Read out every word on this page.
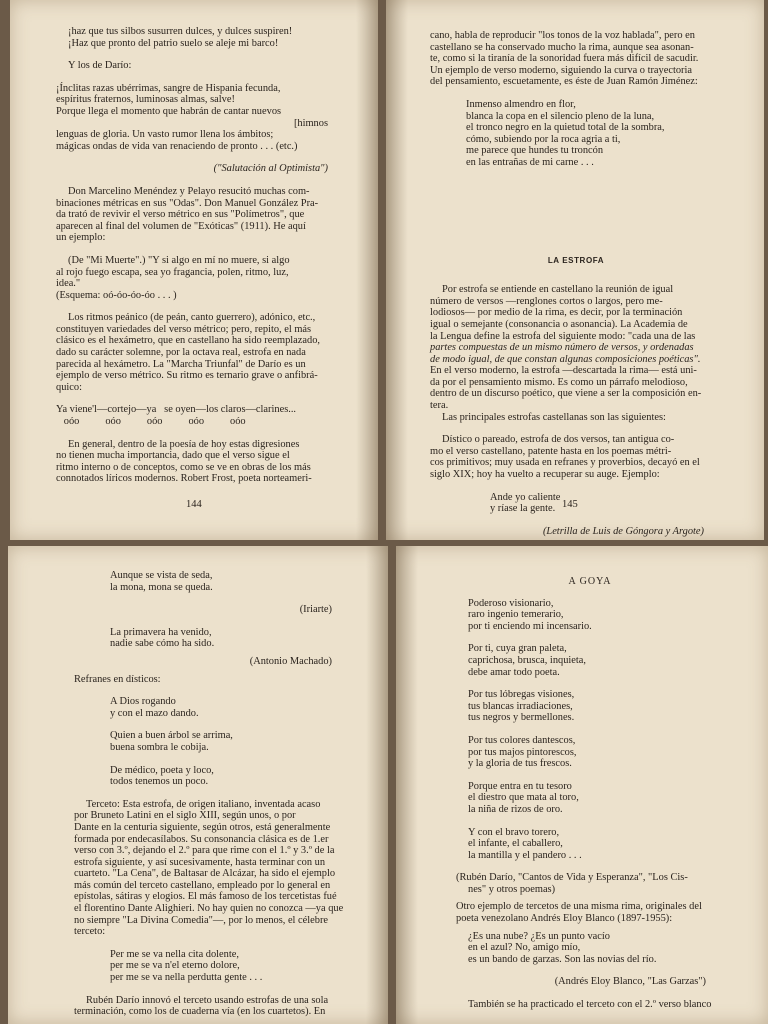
¡haz que tus silbos susurren dulces, y dulces suspiren!
¡Haz que pronto del patrio suelo se aleje mi barco!
Y los de Darío:
¡Ínclitas razas ubérrimas, sangre de Hispania fecunda,
espíritus fraternos, luminosas almas, salve!
Porque llega el momento que habrán de cantar nuevos
[himnos
lenguas de gloria. Un vasto rumor llena los ámbitos;
mágicas ondas de vida van renaciendo de pronto . . . (etc.)
("Salutación al Optimista")
Don Marcelino Menéndez y Pelayo resucitó muchas com-
binaciones métricas en sus "Odas". Don Manuel González Pra-
da trató de revivir el verso métrico en sus "Polímetros", que
aparecen al final del volumen de "Exóticas" (1911). He aquí
un ejemplo:
(De "Mi Muerte".) "Y si algo en mí no muere, si algo
al rojo fuego escapa, sea yo fragancia, polen, ritmo, luz,
idea."
(Esquema: oó-óo-óo-óo . . . )
Los ritmos peánico (de peán, canto guerrero), adónico, etc.,
constituyen variedades del verso métrico; pero, repito, el más
clásico es el hexámetro, que en castellano ha sido reemplazado,
dado su carácter solemne, por la octava real, estrofa en nada
parecida al hexámetro. La "Marcha Triunfal" de Darío es un
ejemplo de verso métrico. Su ritmo es ternario grave o anfibrá-
quico:
Ya viene'l—cortejo—ya   se oyen—los claros—clarines...
oóo          oóo          oóo          oóo          oóo
En general, dentro de la poesía de hoy estas digresiones
no tienen mucha importancia, dado que el verso sigue el
ritmo interno o de conceptos, como se ve en obras de los más
connotados líricos modernos. Robert Frost, poeta norteameri-
144
cano, habla de reproducir "los tonos de la voz hablada", pero en
castellano se ha conservado mucho la rima, aunque sea asonan-
te, como si la tiranía de la sonoridad fuera más difícil de sacudir.
Un ejemplo de verso moderno, siguiendo la curva o trayectoria
del pensamiento, escuetamente, es éste de Juan Ramón Jiménez:
Inmenso almendro en flor,
blanca la copa en el silencio pleno de la luna,
el tronco negro en la quietud total de la sombra,
cómo, subiendo por la roca agria a ti,
me parece que hundes tu troncón
en las entrañas de mi carne . . .
LA ESTROFA
Por estrofa se entiende en castellano la reunión de igual
número de versos —renglones cortos o largos, pero me-
lodiosos— por medio de la rima, es decir, por la terminación
igual o semejante (consonancia o asonancia). La Academia de
la Lengua define la estrofa del siguiente modo: "cada una de las
partes compuestas de un mismo número de versos, y ordenadas
de modo igual, de que constan algunas composiciones poéticas".
En el verso moderno, la estrofa —descartada la rima— está uni-
da por el pensamiento mismo. Es como un párrafo melodioso,
dentro de un discurso poético, que viene a ser la composición en-
tera.
Las principales estrofas castellanas son las siguientes:
Dístico o pareado, estrofa de dos versos, tan antigua co-
mo el verso castellano, patente hasta en los poemas métri-
cos primitivos; muy usada en refranes y proverbios, decayó en el
siglo XIX; hoy ha vuelto a recuperar su auge. Ejemplo:
Ande yo caliente
y ríase la gente.
(Letrilla de Luis de Góngora y Argote)
145
Aunque se vista de seda,
la mona, mona se queda.
(Iriarte)
La primavera ha venido,
nadie sabe cómo ha sido.
(Antonio Machado)
Refranes en dísticos:
A Dios rogando
y con el mazo dando.
Quien a buen árbol se arrima,
buena sombra le cobija.
De médico, poeta y loco,
todos tenemos un poco.
Terceto: Esta estrofa, de origen italiano, inventada acaso
por Bruneto Latini en el siglo XIII, según unos, o por
Dante en la centuria siguiente, según otros, está generalmente
formada por endecasílabos. Su consonancia clásica es de 1.er
verso con 3.º, dejando el 2.º para que rime con el 1.º y 3.º de la
estrofa siguiente, y así sucesivamente, hasta terminar con un
cuarteto. "La Cena", de Baltasar de Alcázar, ha sido el ejemplo
más común del terceto castellano, empleado por lo general en
epístolas, sátiras y elogios. El más famoso de los tercetistas fué
el florentino Dante Alighieri. No hay quien no conozca —ya que
no siempre "La Divina Comedia"—, por lo menos, el célebre
terceto:
Per me se va nella cita dolente,
per me se va n'el eterno dolore,
per me se va nella perdutta gente . . .
Rubén Darío innovó el terceto usando estrofas de una sola
terminación, como los de cuaderna vía (en los cuartetos). En
A GOYA
Poderoso visionario,
raro ingenio temerario,
por ti enciendo mi incensario.
Por ti, cuya gran paleta,
caprichosa, brusca, inquieta,
debe amar todo poeta.
Por tus lóbregas visiones,
tus blancas irradiaciones,
tus negros y bermellones.
Por tus colores dantescos,
por tus majos pintorescos,
y la gloria de tus frescos.
Porque entra en tu tesoro
el diestro que mata al toro,
la niña de rizos de oro.
Y con el bravo torero,
el infante, el caballero,
la mantilla y el pandero . . .
(Rubén Darío, "Cantos de Vida y Esperanza", "Los Cis-
nes" y otros poemas)
Otro ejemplo de tercetos de una misma rima, originales del
poeta venezolano Andrés Eloy Blanco (1897-1955):
¿Es una nube? ¿Es un punto vacío
en el azul? No, amigo mío,
es un bando de garzas. Son las novias del río.
(Andrés Eloy Blanco, "Las Garzas")
También se ha practicado el terceto con el 2.º verso blanco
